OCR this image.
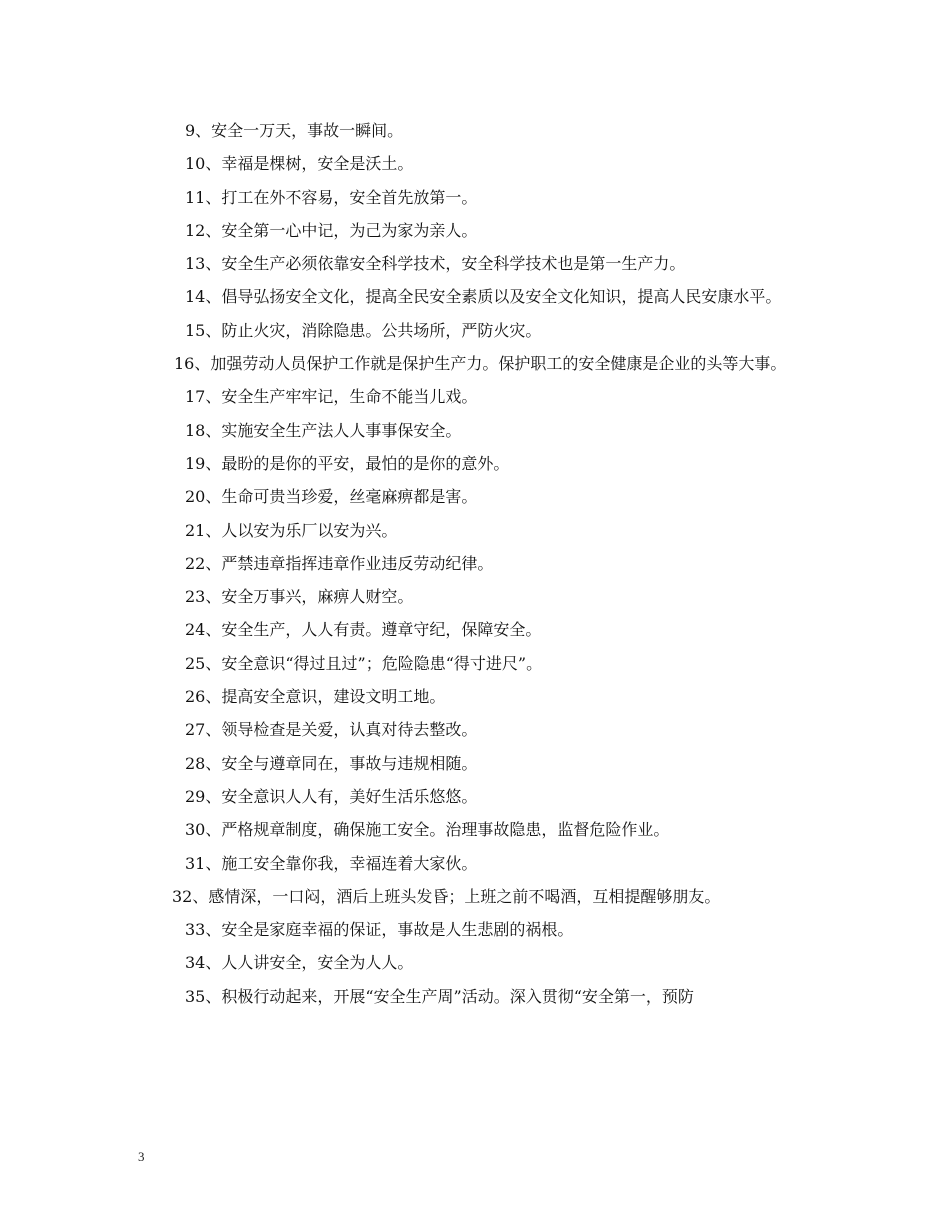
9、安全一万天，事故一瞬间。

10、幸福是棵树，安全是沃土。

11、打工在外不容易，安全首先放第一。

12、安全第一心中记，为己为家为亲人。

13、安全生产必须依靠安全科学技术，安全科学技术也是第一生产力。

14、倡导弘扬安全文化，提高全民安全素质以及安全文化知识，提高人民安康水平。

15、防止火灾，消除隐患。公共场所，严防火灾。

16、加强劳动人员保护工作就是保护生产力。保护职工的安全健康是企业的头等大事。

17、安全生产牢牢记，生命不能当儿戏。

18、实施安全生产法人人事事保安全。

19、最盼的是你的平安，最怕的是你的意外。

20、生命可贵当珍爱，丝毫麻痹都是害。

21、人以安为乐厂以安为兴。

22、严禁违章指挥违章作业违反劳动纪律。

23、安全万事兴，麻痹人财空。

24、安全生产，人人有责。遵章守纪，保障安全。

25、安全意识“得过且过”；危险隐患“得寸进尺”。

26、提高安全意识，建设文明工地。

27、领导检查是关爱，认真对待去整改。

28、安全与遵章同在，事故与违规相随。

29、安全意识人人有，美好生活乐悠悠。

30、严格规章制度，确保施工安全。治理事故隐患，监督危险作业。

31、施工安全靠你我，幸福连着大家伙。

32、感情深，一口闷，酒后上班头发昏；上班之前不喝酒，互相提醒够朋友。

33、安全是家庭幸福的保证，事故是人生悲剧的祸根。

34、人人讲安全，安全为人人。

35、积极行动起来，开展“安全生产周”活动。深入贯彻“安全第一，预防

3
